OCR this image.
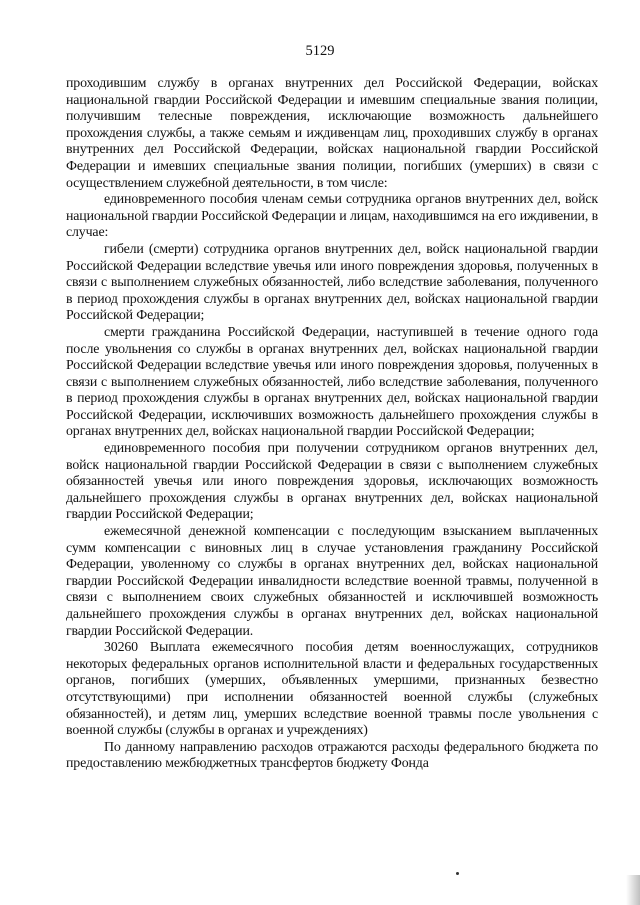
5129

проходившим службу в органах внутренних дел Российской Федерации, войсках национальной гвардии Российской Федерации и имевшим специальные звания полиции, получившим телесные повреждения, исключающие возможность дальнейшего прохождения службы, а также семьям и иждивенцам лиц, проходивших службу в органах внутренних дел Российской Федерации, войсках национальной гвардии Российской Федерации и имевших специальные звания полиции, погибших (умерших) в связи с осуществлением служебной деятельности, в том числе:

единовременного пособия членам семьи сотрудника органов внутренних дел, войск национальной гвардии Российской Федерации и лицам, находившимся на его иждивении, в случае:

гибели (смерти) сотрудника органов внутренних дел, войск национальной гвардии Российской Федерации вследствие увечья или иного повреждения здоровья, полученных в связи с выполнением служебных обязанностей, либо вследствие заболевания, полученного в период прохождения службы в органах внутренних дел, войсках национальной гвардии Российской Федерации;

смерти гражданина Российской Федерации, наступившей в течение одного года после увольнения со службы в органах внутренних дел, войсках национальной гвардии Российской Федерации вследствие увечья или иного повреждения здоровья, полученных в связи с выполнением служебных обязанностей, либо вследствие заболевания, полученного в период прохождения службы в органах внутренних дел, войсках национальной гвардии Российской Федерации, исключивших возможность дальнейшего прохождения службы в органах внутренних дел, войсках национальной гвардии Российской Федерации;

единовременного пособия при получении сотрудником органов внутренних дел, войск национальной гвардии Российской Федерации в связи с выполнением служебных обязанностей увечья или иного повреждения здоровья, исключающих возможность дальнейшего прохождения службы в органах внутренних дел, войсках национальной гвардии Российской Федерации;

ежемесячной денежной компенсации с последующим взысканием выплаченных сумм компенсации с виновных лиц в случае установления гражданину Российской Федерации, уволенному со службы в органах внутренних дел, войсках национальной гвардии Российской Федерации инвалидности вследствие военной травмы, полученной в связи с выполнением своих служебных обязанностей и исключившей возможность дальнейшего прохождения службы в органах внутренних дел, войсках национальной гвардии Российской Федерации.

30260 Выплата ежемесячного пособия детям военнослужащих, сотрудников некоторых федеральных органов исполнительной власти и федеральных государственных органов, погибших (умерших, объявленных умершими, признанных безвестно отсутствующими) при исполнении обязанностей военной службы (служебных обязанностей), и детям лиц, умерших вследствие военной травмы после увольнения с военной службы (службы в органах и учреждениях)

По данному направлению расходов отражаются расходы федерального бюджета по предоставлению межбюджетных трансфертов бюджету Фонда
